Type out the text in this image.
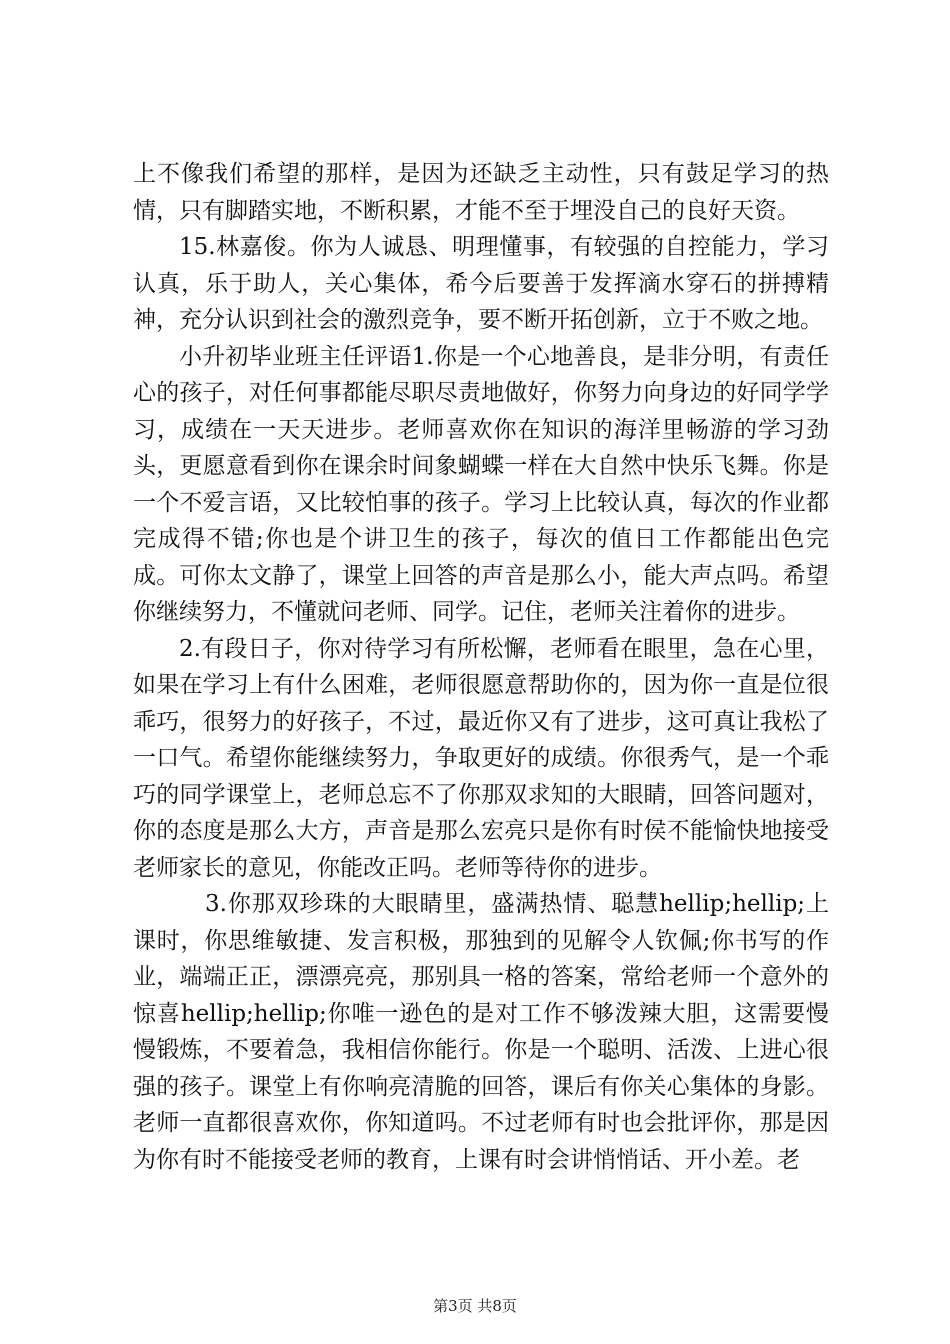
上不像我们希望的那样，是因为还缺乏主动性，只有鼓足学习的热情，只有脚踏实地，不断积累，才能不至于埋没自己的良好天资。

15.林嘉俊。你为人诚恳、明理懂事，有较强的自控能力，学习认真，乐于助人，关心集体，希今后要善于发挥滴水穿石的拼搏精神，充分认识到社会的激烈竞争，要不断开拓创新，立于不败之地。

小升初毕业班主任评语1.你是一个心地善良，是非分明，有责任心的孩子，对任何事都能尽职尽责地做好，你努力向身边的好同学学习，成绩在一天天进步。老师喜欢你在知识的海洋里畅游的学习劲头，更愿意看到你在课余时间象蝴蝶一样在大自然中快乐飞舞。你是一个不爱言语，又比较怕事的孩子。学习上比较认真，每次的作业都完成得不错;你也是个讲卫生的孩子，每次的值日工作都能出色完成。可你太文静了，课堂上回答的声音是那么小，能大声点吗。希望你继续努力，不懂就问老师、同学。记住，老师关注着你的进步。

2.有段日子，你对待学习有所松懈，老师看在眼里，急在心里，如果在学习上有什么困难，老师很愿意帮助你的，因为你一直是位很乖巧，很努力的好孩子，不过，最近你又有了进步，这可真让我松了一口气。希望你能继续努力，争取更好的成绩。你很秀气，是一个乖巧的同学课堂上，老师总忘不了你那双求知的大眼睛，回答问题对，你的态度是那么大方，声音是那么宏亮只是你有时侯不能愉快地接受老师家长的意见，你能改正吗。老师等待你的进步。

3.你那双珍珠的大眼睛里，盛满热情、聪慧hellip;hellip;上课时，你思维敏捷、发言积极，那独到的见解令人钦佩;你书写的作业，端端正正，漂漂亮亮，那别具一格的答案，常给老师一个意外的惊喜hellip;hellip;你唯一逊色的是对工作不够泼辣大胆，这需要慢慢锻炼，不要着急，我相信你能行。你是一个聪明、活泼、上进心很强的孩子。课堂上有你响亮清脆的回答，课后有你关心集体的身影。老师一直都很喜欢你，你知道吗。不过老师有时也会批评你，那是因为你有时不能接受老师的教育，上课有时会讲悄悄话、开小差。老

第3页 共8页
